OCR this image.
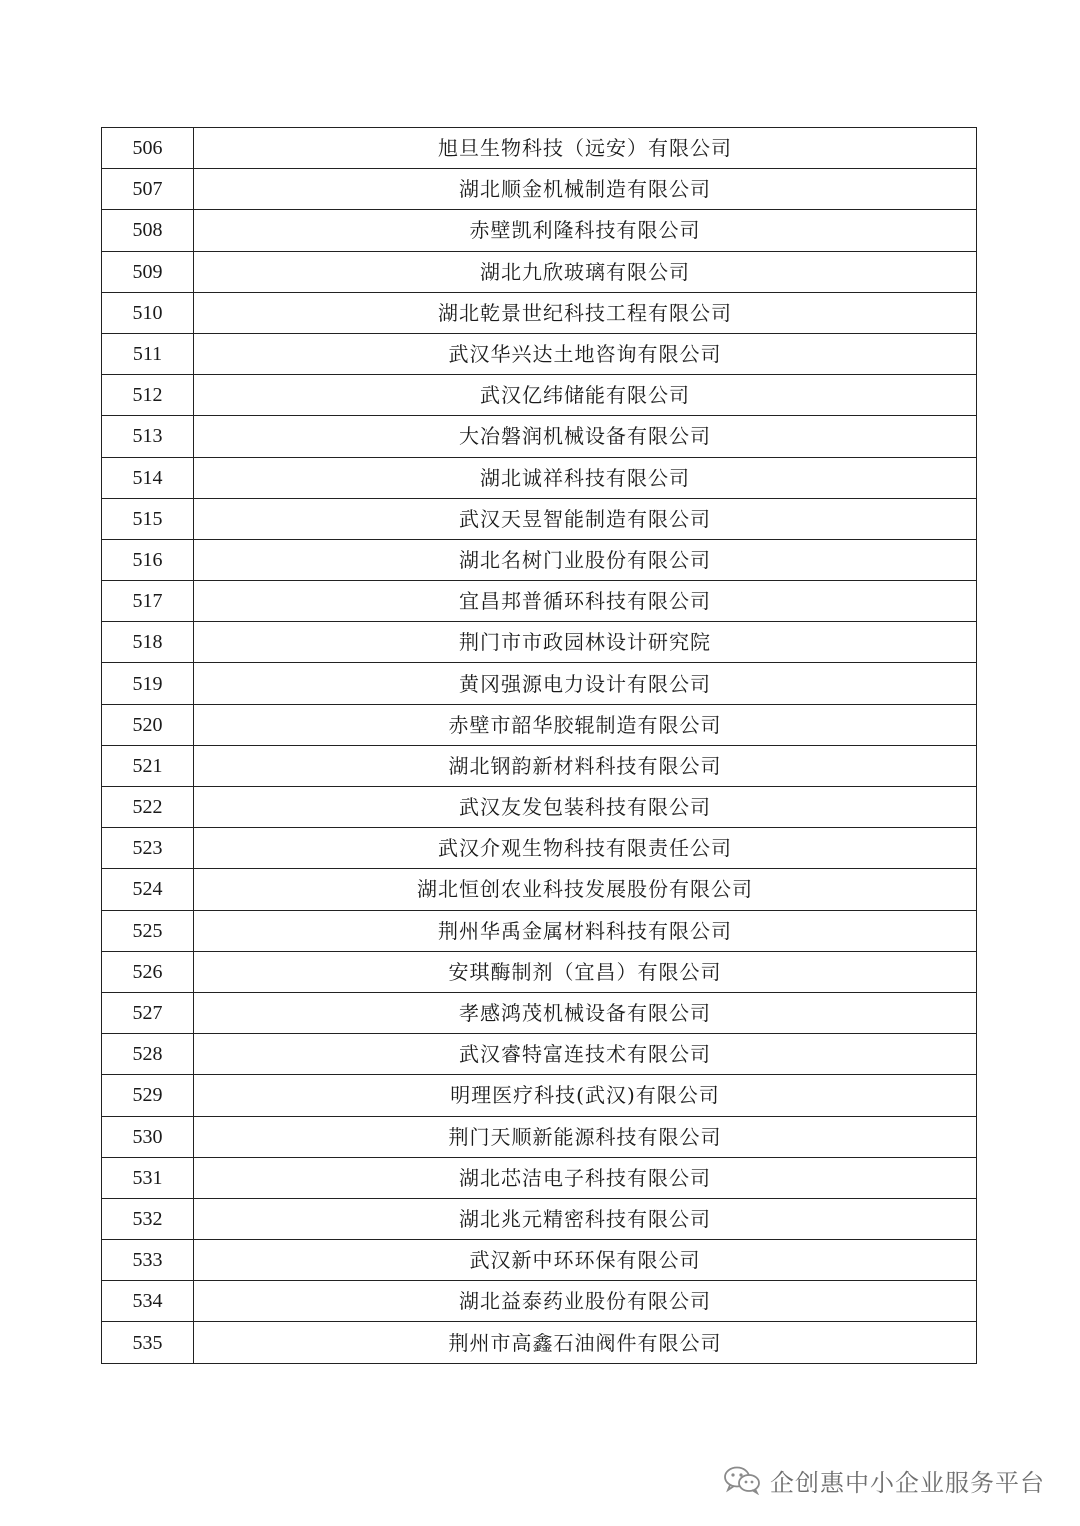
506	旭旦生物科技（远安）有限公司
507	湖北顺金机械制造有限公司
508	赤壁凯利隆科技有限公司
509	湖北九欣玻璃有限公司
510	湖北乾景世纪科技工程有限公司
511	武汉华兴达土地咨询有限公司
512	武汉亿纬储能有限公司
513	大冶磐润机械设备有限公司
514	湖北诚祥科技有限公司
515	武汉天昱智能制造有限公司
516	湖北名树门业股份有限公司
517	宜昌邦普循环科技有限公司
518	荆门市市政园林设计研究院
519	黄冈强源电力设计有限公司
520	赤壁市韶华胶辊制造有限公司
521	湖北钢韵新材料科技有限公司
522	武汉友发包装科技有限公司
523	武汉介观生物科技有限责任公司
524	湖北恒创农业科技发展股份有限公司
525	荆州华禹金属材料科技有限公司
526	安琪酶制剂（宜昌）有限公司
527	孝感鸿茂机械设备有限公司
528	武汉睿特富连技术有限公司
529	明理医疗科技(武汉)有限公司
530	荆门天顺新能源科技有限公司
531	湖北芯洁电子科技有限公司
532	湖北兆元精密科技有限公司
533	武汉新中环环保有限公司
534	湖北益泰药业股份有限公司
535	荆州市高鑫石油阀件有限公司
企创惠中小企业服务平台
